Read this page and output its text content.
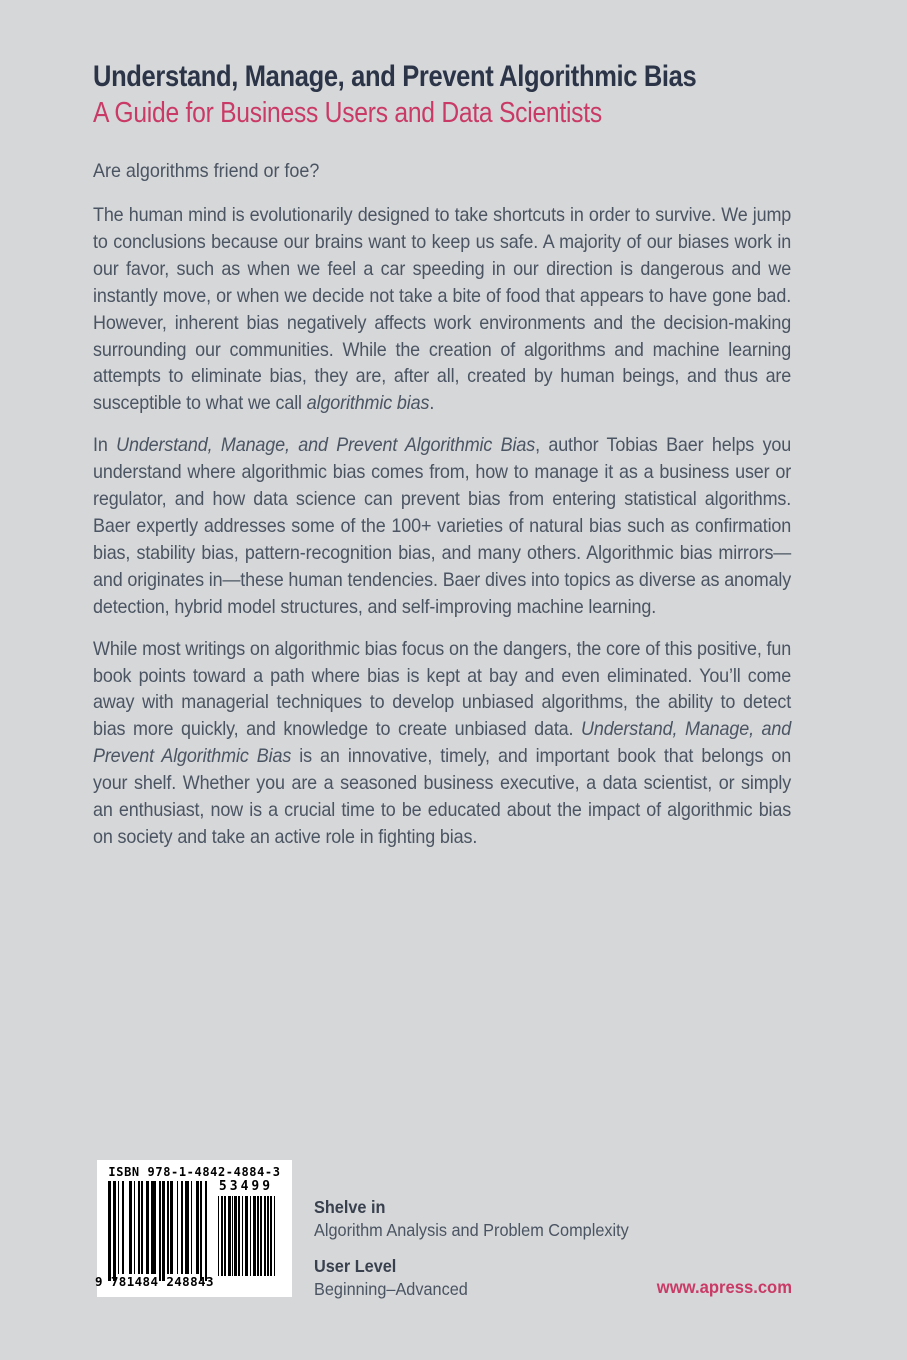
Understand, Manage, and Prevent Algorithmic Bias
A Guide for Business Users and Data Scientists

Are algorithms friend or foe?

The human mind is evolutionarily designed to take shortcuts in order to survive. We jump to conclusions because our brains want to keep us safe. A majority of our biases work in our favor, such as when we feel a car speeding in our direction is dangerous and we instantly move, or when we decide not take a bite of food that appears to have gone bad. However, inherent bias negatively affects work environments and the decision-making surrounding our communities. While the creation of algorithms and machine learning attempts to eliminate bias, they are, after all, created by human beings, and thus are susceptible to what we call algorithmic bias.

In Understand, Manage, and Prevent Algorithmic Bias, author Tobias Baer helps you understand where algorithmic bias comes from, how to manage it as a business user or regulator, and how data science can prevent bias from entering statistical algorithms. Baer expertly addresses some of the 100+ varieties of natural bias such as confirmation bias, stability bias, pattern-recognition bias, and many others. Algorithmic bias mirrors—and originates in—these human tendencies. Baer dives into topics as diverse as anomaly detection, hybrid model structures, and self-improving machine learning.

While most writings on algorithmic bias focus on the dangers, the core of this positive, fun book points toward a path where bias is kept at bay and even eliminated. You’ll come away with managerial techniques to develop unbiased algorithms, the ability to detect bias more quickly, and knowledge to create unbiased data. Understand, Manage, and Prevent Algorithmic Bias is an innovative, timely, and important book that belongs on your shelf. Whether you are a seasoned business executive, a data scientist, or simply an enthusiast, now is a crucial time to be educated about the impact of algorithmic bias on society and take an active role in fighting bias.

ISBN 978-1-4842-4884-3
53499
9 781484 248843
Shelve in
Algorithm Analysis and Problem Complexity
User Level
Beginning–Advanced	www.apress.com
